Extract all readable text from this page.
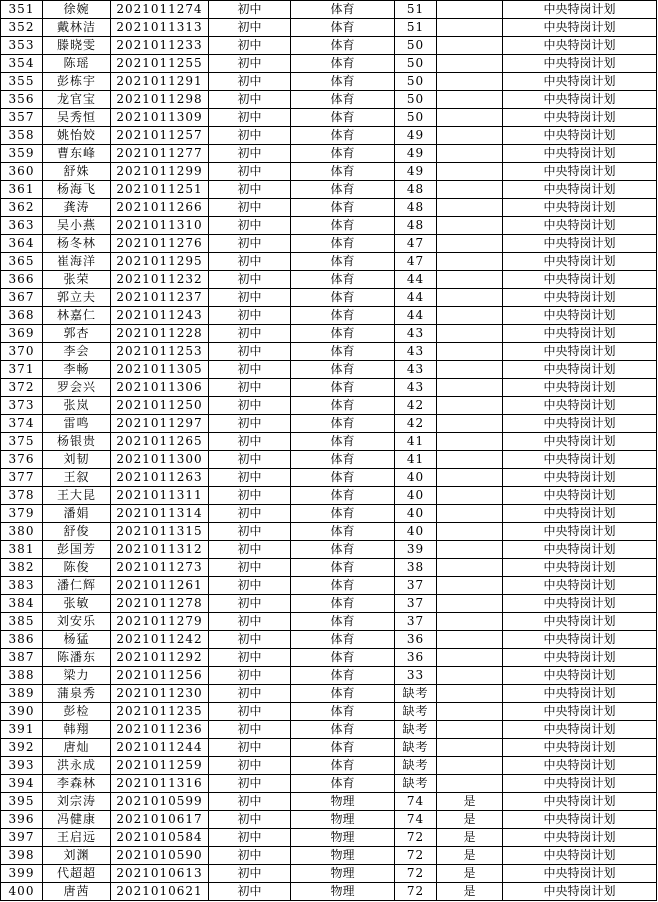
351	徐婉	2021011274	初中	体育	51		中央特岗计划
352	戴林洁	2021011313	初中	体育	51		中央特岗计划
353	滕晓雯	2021011233	初中	体育	50		中央特岗计划
354	陈瑶	2021011255	初中	体育	50		中央特岗计划
355	彭栋宇	2021011291	初中	体育	50		中央特岗计划
356	龙官宝	2021011298	初中	体育	50		中央特岗计划
357	吴秀恒	2021011309	初中	体育	50		中央特岗计划
358	姚怡姣	2021011257	初中	体育	49		中央特岗计划
359	曹东峰	2021011277	初中	体育	49		中央特岗计划
360	舒姝	2021011299	初中	体育	49		中央特岗计划
361	杨海飞	2021011251	初中	体育	48		中央特岗计划
362	龚涛	2021011266	初中	体育	48		中央特岗计划
363	吴小燕	2021011310	初中	体育	48		中央特岗计划
364	杨冬林	2021011276	初中	体育	47		中央特岗计划
365	崔海洋	2021011295	初中	体育	47		中央特岗计划
366	张荣	2021011232	初中	体育	44		中央特岗计划
367	郭立夫	2021011237	初中	体育	44		中央特岗计划
368	林嘉仁	2021011243	初中	体育	44		中央特岗计划
369	郭杏	2021011228	初中	体育	43		中央特岗计划
370	李会	2021011253	初中	体育	43		中央特岗计划
371	李畅	2021011305	初中	体育	43		中央特岗计划
372	罗会兴	2021011306	初中	体育	43		中央特岗计划
373	张岚	2021011250	初中	体育	42		中央特岗计划
374	雷鸣	2021011297	初中	体育	42		中央特岗计划
375	杨银贵	2021011265	初中	体育	41		中央特岗计划
376	刘韧	2021011300	初中	体育	41		中央特岗计划
377	王叙	2021011263	初中	体育	40		中央特岗计划
378	王大昆	2021011311	初中	体育	40		中央特岗计划
379	潘娟	2021011314	初中	体育	40		中央特岗计划
380	舒俊	2021011315	初中	体育	40		中央特岗计划
381	彭国芳	2021011312	初中	体育	39		中央特岗计划
382	陈俊	2021011273	初中	体育	38		中央特岗计划
383	潘仁辉	2021011261	初中	体育	37		中央特岗计划
384	张敏	2021011278	初中	体育	37		中央特岗计划
385	刘安乐	2021011279	初中	体育	37		中央特岗计划
386	杨猛	2021011242	初中	体育	36		中央特岗计划
387	陈潘东	2021011292	初中	体育	36		中央特岗计划
388	梁力	2021011256	初中	体育	33		中央特岗计划
389	蒲泉秀	2021011230	初中	体育	缺考		中央特岗计划
390	彭检	2021011235	初中	体育	缺考		中央特岗计划
391	韩翔	2021011236	初中	体育	缺考		中央特岗计划
392	唐灿	2021011244	初中	体育	缺考		中央特岗计划
393	洪永成	2021011259	初中	体育	缺考		中央特岗计划
394	李森林	2021011316	初中	体育	缺考		中央特岗计划
395	刘宗涛	2021010599	初中	物理	74	是	中央特岗计划
396	冯健康	2021010617	初中	物理	74	是	中央特岗计划
397	王启远	2021010584	初中	物理	72	是	中央特岗计划
398	刘渊	2021010590	初中	物理	72	是	中央特岗计划
399	代超超	2021010613	初中	物理	72	是	中央特岗计划
400	唐茜	2021010621	初中	物理	72	是	中央特岗计划
